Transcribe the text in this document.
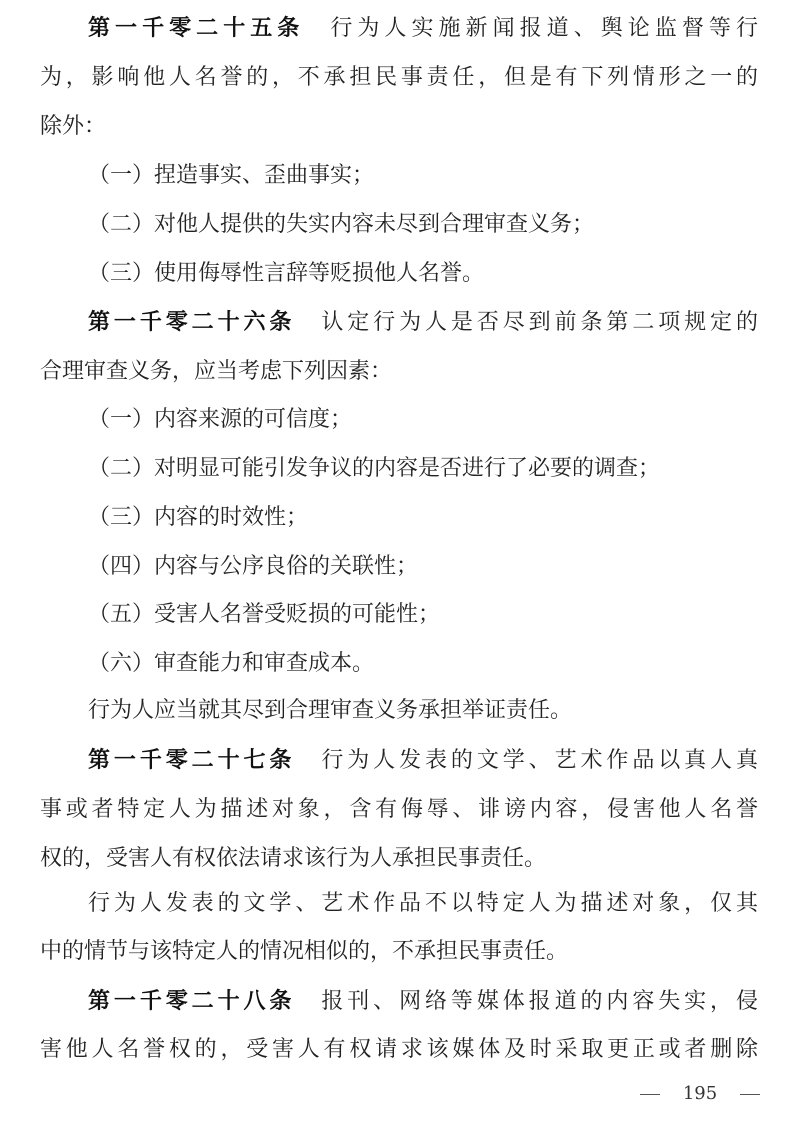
第一千零二十五条 行为人实施新闻报道、舆论监督等行
为，影响他人名誉的，不承担民事责任，但是有下列情形之一的
除外：
（一）捏造事实、歪曲事实；
（二）对他人提供的失实内容未尽到合理审查义务；
（三）使用侮辱性言辞等贬损他人名誉。
第一千零二十六条 认定行为人是否尽到前条第二项规定的
合理审查义务，应当考虑下列因素：
（一）内容来源的可信度；
（二）对明显可能引发争议的内容是否进行了必要的调查；
（三）内容的时效性；
（四）内容与公序良俗的关联性；
（五）受害人名誉受贬损的可能性；
（六）审查能力和审查成本。
行为人应当就其尽到合理审查义务承担举证责任。
第一千零二十七条 行为人发表的文学、艺术作品以真人真
事或者特定人为描述对象，含有侮辱、诽谤内容，侵害他人名誉
权的，受害人有权依法请求该行为人承担民事责任。
行为人发表的文学、艺术作品不以特定人为描述对象，仅其
中的情节与该特定人的情况相似的，不承担民事责任。
第一千零二十八条 报刊、网络等媒体报道的内容失实，侵
害他人名誉权的，受害人有权请求该媒体及时采取更正或者删除
195
